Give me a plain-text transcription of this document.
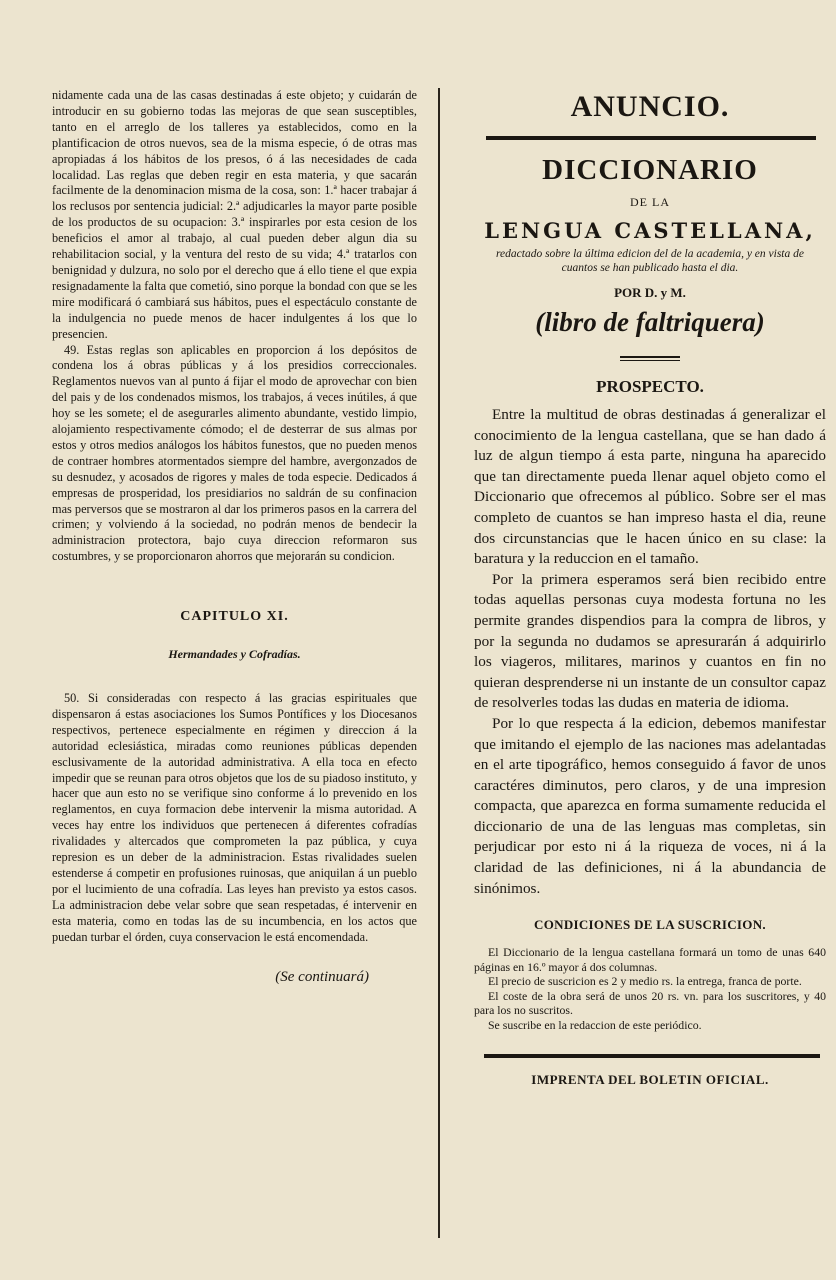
nidamente cada una de las casas destinadas á este objeto; y cuidarán de introducir en su gobierno todas las mejoras de que sean susceptibles, tanto en el arreglo de los talleres ya establecidos, como en la plantificacion de otros nuevos, sea de la misma especie, ó de otras mas apropiadas á los hábitos de los presos, ó á las necesidades de cada localidad. Las reglas que deben regir en esta materia, y que sacarán facilmente de la denominacion misma de la cosa, son: 1.ª hacer trabajar á los reclusos por sentencia judicial: 2.ª adjudicarles la mayor parte posible de los productos de su ocupacion: 3.ª inspirarles por esta cesion de los beneficios el amor al trabajo, al cual pueden deber algun dia su rehabilitacion social, y la ventura del resto de su vida; 4.ª tratarlos con benignidad y dulzura, no solo por el derecho que á ello tiene el que expia resignadamente la falta que cometió, sino porque la bondad con que se les mire modificará ó cambiará sus hábitos, pues el espectáculo constante de la indulgencia no puede menos de hacer indulgentes á los que lo presencien.

49. Estas reglas son aplicables en proporcion á los depósitos de condena los á obras públicas y á los presidios correccionales. Reglamentos nuevos van al punto á fijar el modo de aprovechar con bien del pais y de los condenados mismos, los trabajos, á veces inútiles, á que hoy se les somete; el de asegurarles alimento abundante, vestido limpio, alojamiento respectivamente cómodo; el de desterrar de sus almas por estos y otros medios análogos los hábitos funestos, que no pueden menos de contraer hombres atormentados siempre del hambre, avergonzados de su desnudez, y acosados de rigores y males de toda especie. Dedicados á empresas de prosperidad, los presidiarios no saldrán de su confinacion mas perversos que se mostraron al dar los primeros pasos en la carrera del crimen; y volviendo á la sociedad, no podrán menos de bendecir la administracion protectora, bajo cuya direccion reformaron sus costumbres, y se proporcionaron ahorros que mejorarán su condicion.

CAPITULO XI.
Hermandades y Cofradías.

50. Si consideradas con respecto á las gracias espirituales que dispensaron á estas asociaciones los Sumos Pontífices y los Diocesanos respectivos, pertenece especialmente en régimen y direccion á la autoridad eclesiástica, miradas como reuniones públicas dependen esclusivamente de la autoridad administrativa. A ella toca en efecto impedir que se reunan para otros objetos que los de su piadoso instituto, y hacer que aun esto no se verifique sino conforme á lo prevenido en los reglamentos, en cuya formacion debe intervenir la misma autoridad. A veces hay entre los individuos que pertenecen á diferentes cofradías rivalidades y altercados que comprometen la paz pública, y cuya represion es un deber de la administracion. Estas rivalidades suelen estenderse á competir en profusiones ruinosas, que aniquilan á un pueblo por el lucimiento de una cofradía. Las leyes han previsto ya estos casos. La administracion debe velar sobre que sean respetadas, é intervenir en esta materia, como en todas las de su incumbencia, en los actos que puedan turbar el órden, cuya conservacion le está encomendada.

(Se continuará)
ANUNCIO.
DICCIONARIO
DE LA
LENGUA CASTELLANA,
redactado sobre la última edicion del de la academia, y en vista de cuantos se han publicado hasta el dia.
POR D. y M.
(libro de faltriquera)
PROSPECTO.

Entre la multitud de obras destinadas á generalizar el conocimiento de la lengua castellana, que se han dado á luz de algun tiempo á esta parte, ninguna ha aparecido que tan directamente pueda llenar aquel objeto como el Diccionario que ofrecemos al público. Sobre ser el mas completo de cuantos se han impreso hasta el dia, reune dos circunstancias que le hacen único en su clase: la baratura y la reduccion en el tamaño.

Por la primera esperamos será bien recibido entre todas aquellas personas cuya modesta fortuna no les permite grandes dispendios para la compra de libros, y por la segunda no dudamos se apresurarán á adquirirlo los viageros, militares, marinos y cuantos en fin no quieran desprenderse ni un instante de un consultor capaz de resolverles todas las dudas en materia de idioma.

Por lo que respecta á la edicion, debemos manifestar que imitando el ejemplo de las naciones mas adelantadas en el arte tipográfico, hemos conseguido á favor de unos caractéres diminutos, pero claros, y de una impresion compacta, que aparezca en forma sumamente reducida el diccionario de una de las lenguas mas completas, sin perjudicar por esto ni á la riqueza de voces, ni á la claridad de las definiciones, ni á la abundancia de sinónimos.

CONDICIONES DE LA SUSCRICION.

El Diccionario de la lengua castellana formará un tomo de unas 640 páginas en 16.º mayor á dos columnas.

El precio de suscricion es 2 y medio rs. la entrega, franca de porte.

El coste de la obra será de unos 20 rs. vn. para los suscritores, y 40 para los no suscritos.

Se suscribe en la redaccion de este periódico.

IMPRENTA DEL BOLETIN OFICIAL.
